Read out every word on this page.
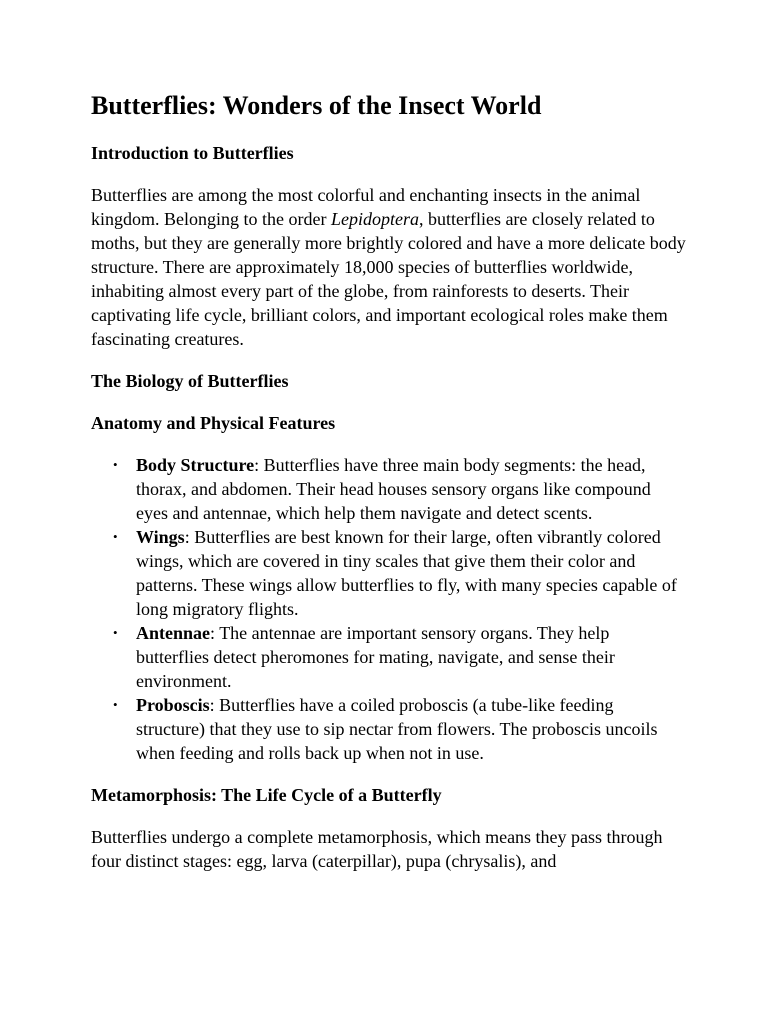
Butterflies: Wonders of the Insect World
Introduction to Butterflies

Butterflies are among the most colorful and enchanting insects in the animal kingdom. Belonging to the order Lepidoptera, butterflies are closely related to moths, but they are generally more brightly colored and have a more delicate body structure. There are approximately 18,000 species of butterflies worldwide, inhabiting almost every part of the globe, from rainforests to deserts. Their captivating life cycle, brilliant colors, and important ecological roles make them fascinating creatures.

The Biology of Butterflies
Anatomy and Physical Features
• Body Structure: Butterflies have three main body segments: the head, thorax, and abdomen. Their head houses sensory organs like compound eyes and antennae, which help them navigate and detect scents.
• Wings: Butterflies are best known for their large, often vibrantly colored wings, which are covered in tiny scales that give them their color and patterns. These wings allow butterflies to fly, with many species capable of long migratory flights.
• Antennae: The antennae are important sensory organs. They help butterflies detect pheromones for mating, navigate, and sense their environment.
• Proboscis: Butterflies have a coiled proboscis (a tube-like feeding structure) that they use to sip nectar from flowers. The proboscis uncoils when feeding and rolls back up when not in use.
Metamorphosis: The Life Cycle of a Butterfly

Butterflies undergo a complete metamorphosis, which means they pass through four distinct stages: egg, larva (caterpillar), pupa (chrysalis), and
